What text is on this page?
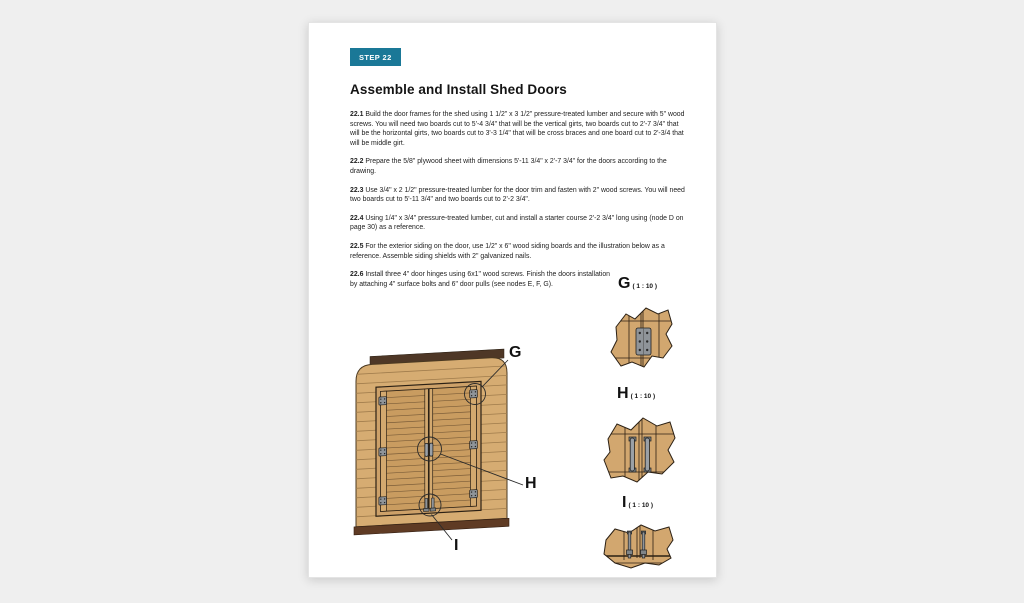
STEP 22
Assemble and Install Shed Doors

22.1 Build the door frames for the shed using 1 1/2" x 3 1/2" pressure-treated lumber and secure with 5" wood screws. You will need two boards cut to 5'-4 3/4" that will be the vertical girts, two boards cut to 2'-7 3/4" that will be the horizontal girts, two boards cut to 3'-3 1/4" that will be cross braces and one board cut to 2'-3/4 that will be middle girt.

22.2 Prepare the 5/8" plywood sheet with dimensions 5'-11 3/4" x 2'-7 3/4" for the doors according to the drawing.

22.3 Use 3/4" x 2 1/2" pressure-treated lumber for the door trim and fasten with 2" wood screws. You will need two boards cut to 5'-11 3/4" and two boards cut to 2'-2 3/4".

22.4 Using 1/4" x 3/4" pressure-treated lumber, cut and install a starter course 2'-2 3/4" long using (node D on page 30) as a reference.

22.5 For the exterior siding on the door, use 1/2" x 6" wood siding boards and the illustration below as a reference. Assemble siding shields with 2" galvanized nails.

22.6 Install three 4" door hinges using 6x1" wood screws. Finish the doors installation by attaching 4" surface bolts and 6" door pulls (see nodes E, F, G).

G
H
I
G ( 1 : 10 )
H ( 1 : 10 )
I ( 1 : 10 )
